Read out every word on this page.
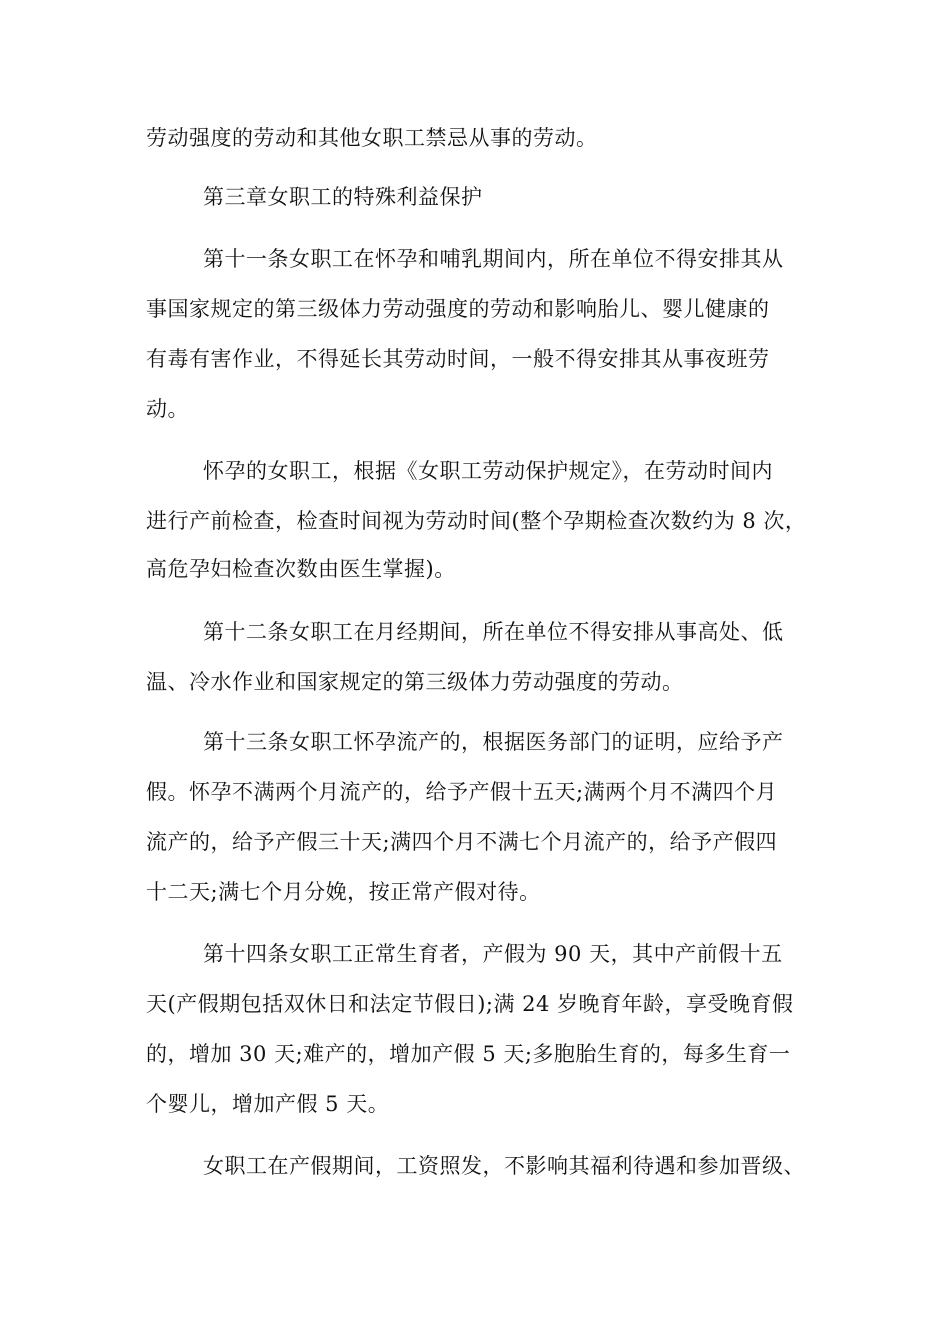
劳动强度的劳动和其他女职工禁忌从事的劳动。
第三章女职工的特殊利益保护
第十一条女职工在怀孕和哺乳期间内，所在单位不得安排其从
事国家规定的第三级体力劳动强度的劳动和影响胎儿、婴儿健康的
有毒有害作业，不得延长其劳动时间，一般不得安排其从事夜班劳
动。
怀孕的女职工，根据《女职工劳动保护规定》，在劳动时间内
进行产前检查，检查时间视为劳动时间(整个孕期检查次数约为 8 次，
高危孕妇检查次数由医生掌握)。
第十二条女职工在月经期间，所在单位不得安排从事高处、低
温、冷水作业和国家规定的第三级体力劳动强度的劳动。
第十三条女职工怀孕流产的，根据医务部门的证明，应给予产
假。怀孕不满两个月流产的，给予产假十五天;满两个月不满四个月
流产的，给予产假三十天;满四个月不满七个月流产的，给予产假四
十二天;满七个月分娩，按正常产假对待。
第十四条女职工正常生育者，产假为 90 天，其中产前假十五
天(产假期包括双休日和法定节假日);满 24 岁晚育年龄，享受晚育假
的，增加 30 天;难产的，增加产假 5 天;多胞胎生育的，每多生育一
个婴儿，增加产假 5 天。
女职工在产假期间，工资照发，不影响其福利待遇和参加晋级、
